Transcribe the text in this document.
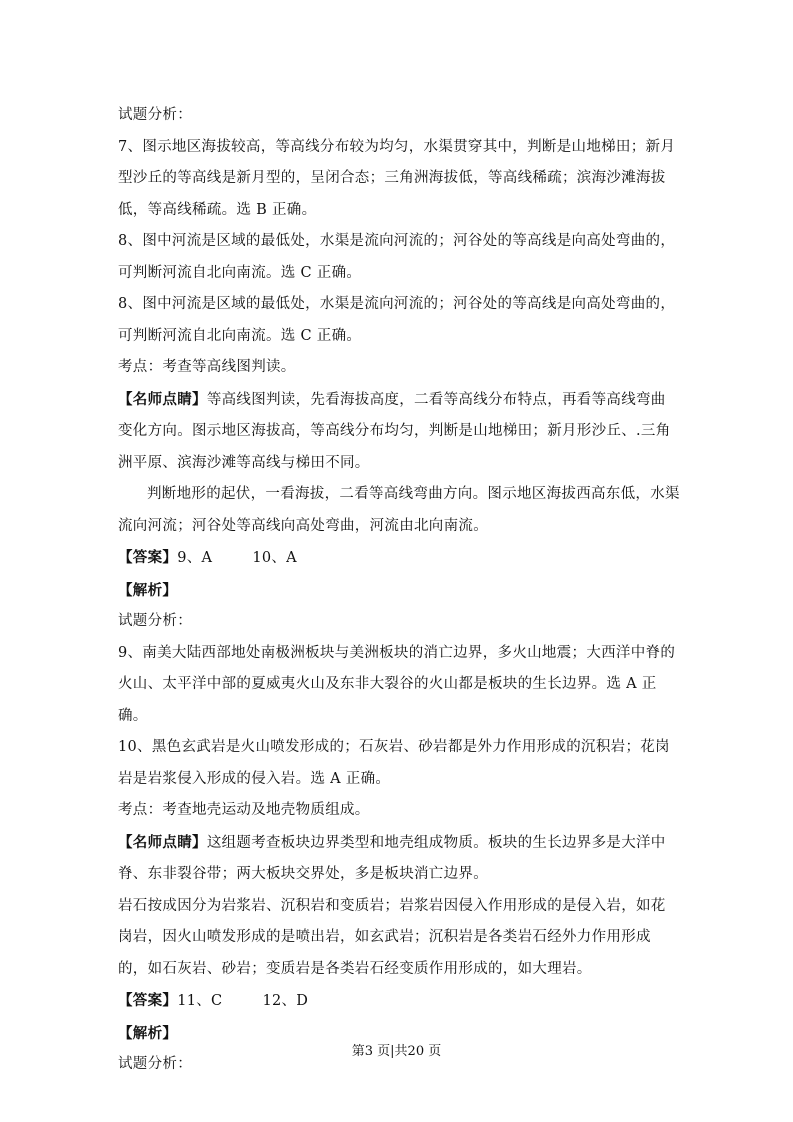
试题分析：

7、图示地区海拔较高，等高线分布较为均匀，水渠贯穿其中，判断是山地梯田；新月型沙丘的等高线是新月型的，呈闭合态；三角洲海拔低，等高线稀疏；滨海沙滩海拔低，等高线稀疏。选 B 正确。

8、图中河流是区域的最低处，水渠是流向河流的；河谷处的等高线是向高处弯曲的，可判断河流自北向南流。选 C 正确。

8、图中河流是区域的最低处，水渠是流向河流的；河谷处的等高线是向高处弯曲的，可判断河流自北向南流。选 C 正确。

考点：考查等高线图判读。

【名师点睛】等高线图判读，先看海拔高度，二看等高线分布特点，再看等高线弯曲变化方向。图示地区海拔高，等高线分布均匀，判断是山地梯田；新月形沙丘、.三角洲平原、滨海沙滩等高线与梯田不同。

判断地形的起伏，一看海拔，二看等高线弯曲方向。图示地区海拔西高东低，水渠流向河流；河谷处等高线向高处弯曲，河流由北向南流。

【答案】9、A	10、A

【解析】

试题分析：

9、南美大陆西部地处南极洲板块与美洲板块的消亡边界，多火山地震；大西洋中脊的火山、太平洋中部的夏威夷火山及东非大裂谷的火山都是板块的生长边界。选 A 正确。

10、黑色玄武岩是火山喷发形成的；石灰岩、砂岩都是外力作用形成的沉积岩；花岗岩是岩浆侵入形成的侵入岩。选 A 正确。

考点：考查地壳运动及地壳物质组成。

【名师点睛】这组题考查板块边界类型和地壳组成物质。板块的生长边界多是大洋中脊、东非裂谷带；两大板块交界处，多是板块消亡边界。

岩石按成因分为岩浆岩、沉积岩和变质岩；岩浆岩因侵入作用形成的是侵入岩，如花岗岩，因火山喷发形成的是喷出岩，如玄武岩；沉积岩是各类岩石经外力作用形成的，如石灰岩、砂岩；变质岩是各类岩石经变质作用形成的，如大理岩。

【答案】11、C	12、D

【解析】

试题分析：

第3 页|共20 页
